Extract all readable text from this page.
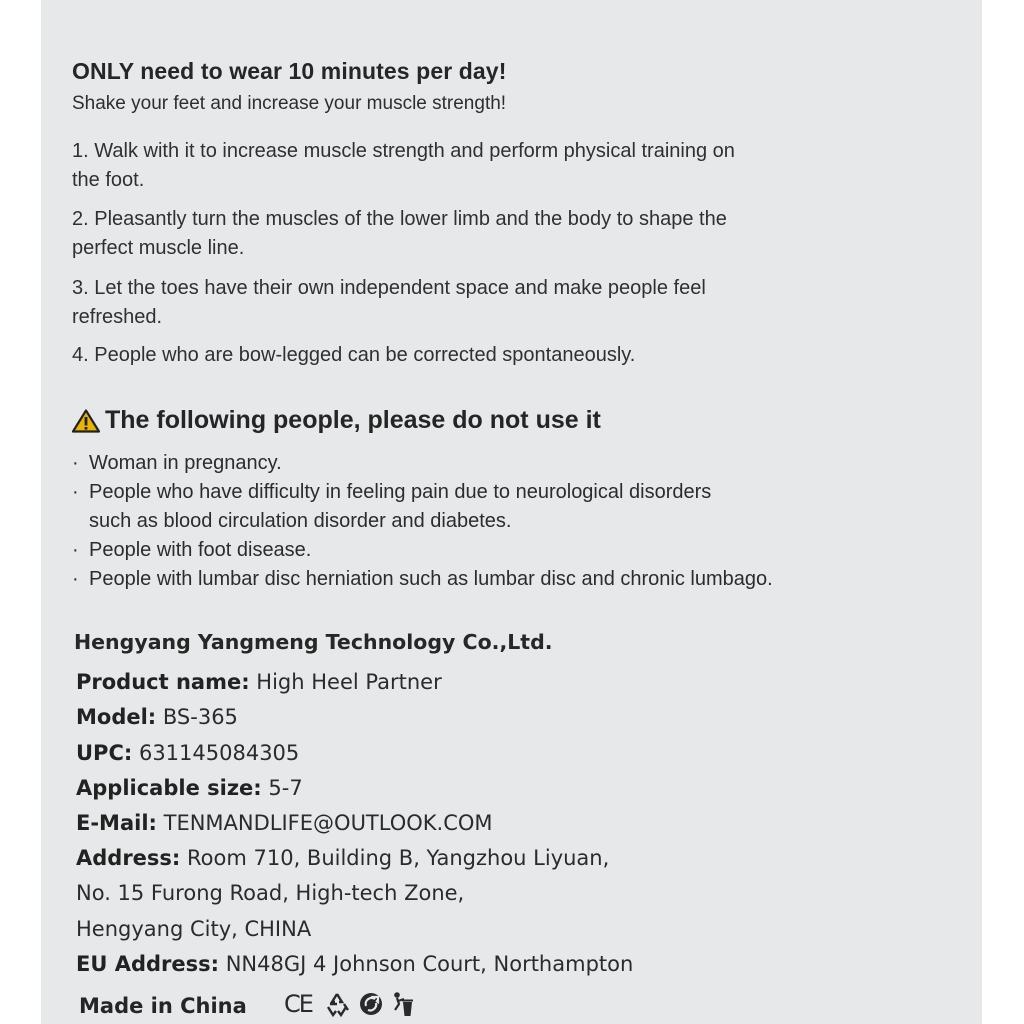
ONLY need to wear 10 minutes per day!
Shake your feet and increase your muscle strength!
1. Walk with it to increase muscle strength and perform physical training on
the foot.
2. Pleasantly turn the muscles of the lower limb and the body to shape the
perfect muscle line.
3. Let the toes have their own independent space and make people feel
refreshed.
4. People who are bow-legged can be corrected spontaneously.
The following people, please do not use it
· Woman in pregnancy.
· People who have difficulty in feeling pain due to neurological disorders
such as blood circulation disorder and diabetes.
· People with foot disease.
· People with lumbar disc herniation such as lumbar disc and chronic lumbago.
Hengyang Yangmeng Technology Co.,Ltd.
Product name: High Heel Partner
Model: BS-365
UPC: 631145084305
Applicable size: 5-7
E-Mail: TENMANDLIFE@OUTLOOK.COM
Address: Room 710, Building B, Yangzhou Liyuan,
No. 15 Furong Road, High-tech Zone,
Hengyang City, CHINA
EU Address: NN48GJ 4 Johnson Court, Northampton
Made in China CE
